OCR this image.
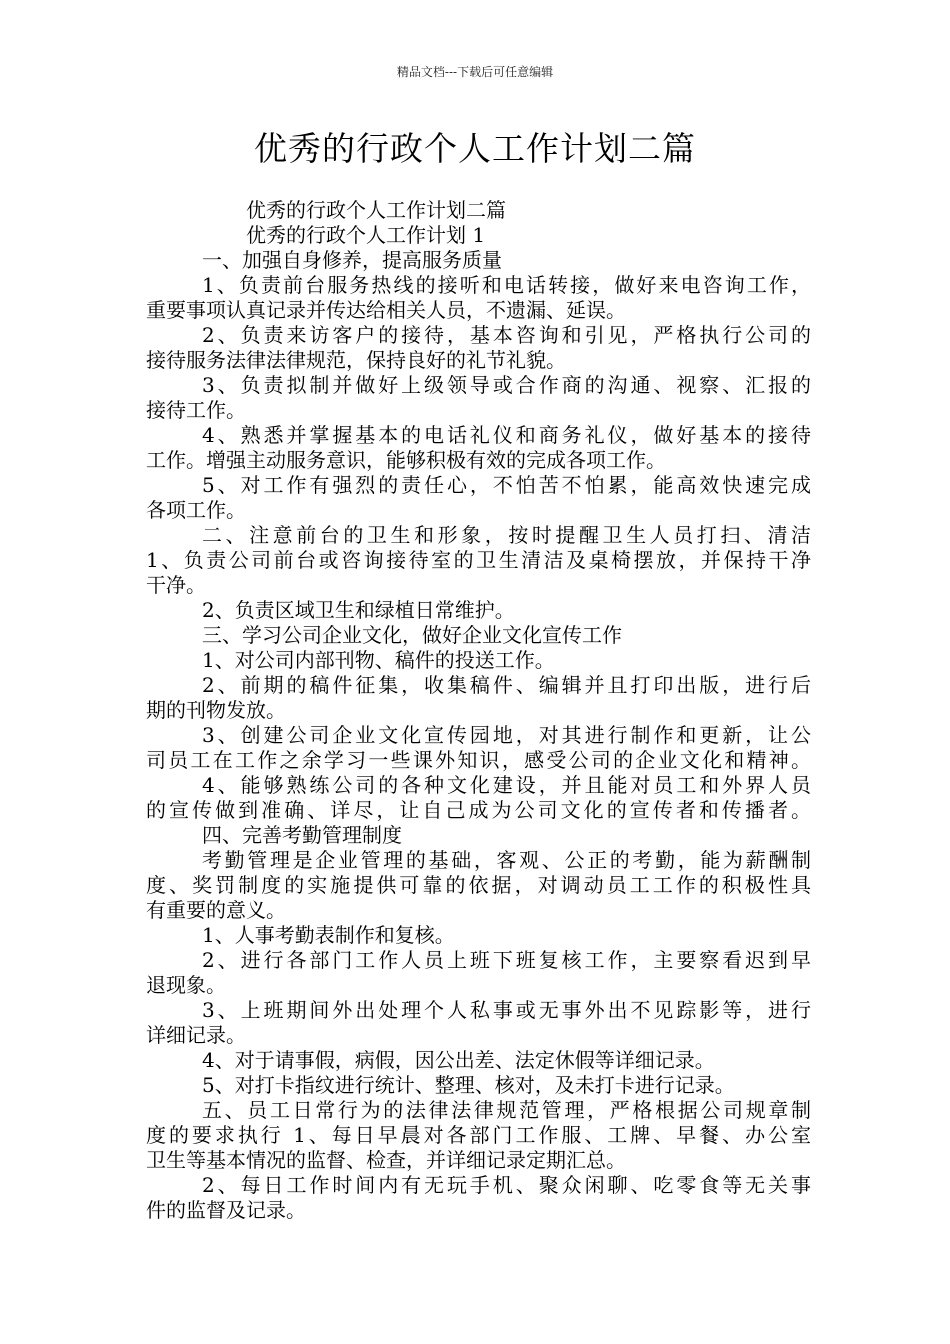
精品文档---下载后可任意编辑
优秀的行政个人工作计划二篇
优秀的行政个人工作计划二篇
优秀的行政个人工作计划 1
一、加强自身修养，提高服务质量
1、负责前台服务热线的接听和电话转接，做好来电咨询工作，
重要事项认真记录并传达给相关人员，不遗漏、延误。
2、负责来访客户的接待，基本咨询和引见，严格执行公司的
接待服务法律法律规范，保持良好的礼节礼貌。
3、负责拟制并做好上级领导或合作商的沟通、视察、汇报的
接待工作。
4、熟悉并掌握基本的电话礼仪和商务礼仪，做好基本的接待
工作。增强主动服务意识，能够积极有效的完成各项工作。
5、对工作有强烈的责任心，不怕苦不怕累，能高效快速完成
各项工作。
二、注意前台的卫生和形象，按时提醒卫生人员打扫、清洁
1、负责公司前台或咨询接待室的卫生清洁及桌椅摆放，并保持干净
干净。
2、负责区域卫生和绿植日常维护。
三、学习公司企业文化，做好企业文化宣传工作
1、对公司内部刊物、稿件的投送工作。
2、前期的稿件征集，收集稿件、编辑并且打印出版，进行后
期的刊物发放。
3、创建公司企业文化宣传园地，对其进行制作和更新，让公
司员工在工作之余学习一些课外知识，感受公司的企业文化和精神。
4、能够熟练公司的各种文化建设，并且能对员工和外界人员
的宣传做到准确、详尽，让自己成为公司文化的宣传者和传播者。
四、完善考勤管理制度
考勤管理是企业管理的基础，客观、公正的考勤，能为薪酬制
度、奖罚制度的实施提供可靠的依据，对调动员工工作的积极性具
有重要的意义。
1、人事考勤表制作和复核。
2、进行各部门工作人员上班下班复核工作，主要察看迟到早
退现象。
3、上班期间外出处理个人私事或无事外出不见踪影等，进行
详细记录。
4、对于请事假，病假，因公出差、法定休假等详细记录。
5、对打卡指纹进行统计、整理、核对，及未打卡进行记录。
五、员工日常行为的法律法律规范管理，严格根据公司规章制
度的要求执行 1、每日早晨对各部门工作服、工牌、早餐、办公室
卫生等基本情况的监督、检查，并详细记录定期汇总。
2、每日工作时间内有无玩手机、聚众闲聊、吃零食等无关事
件的监督及记录。
